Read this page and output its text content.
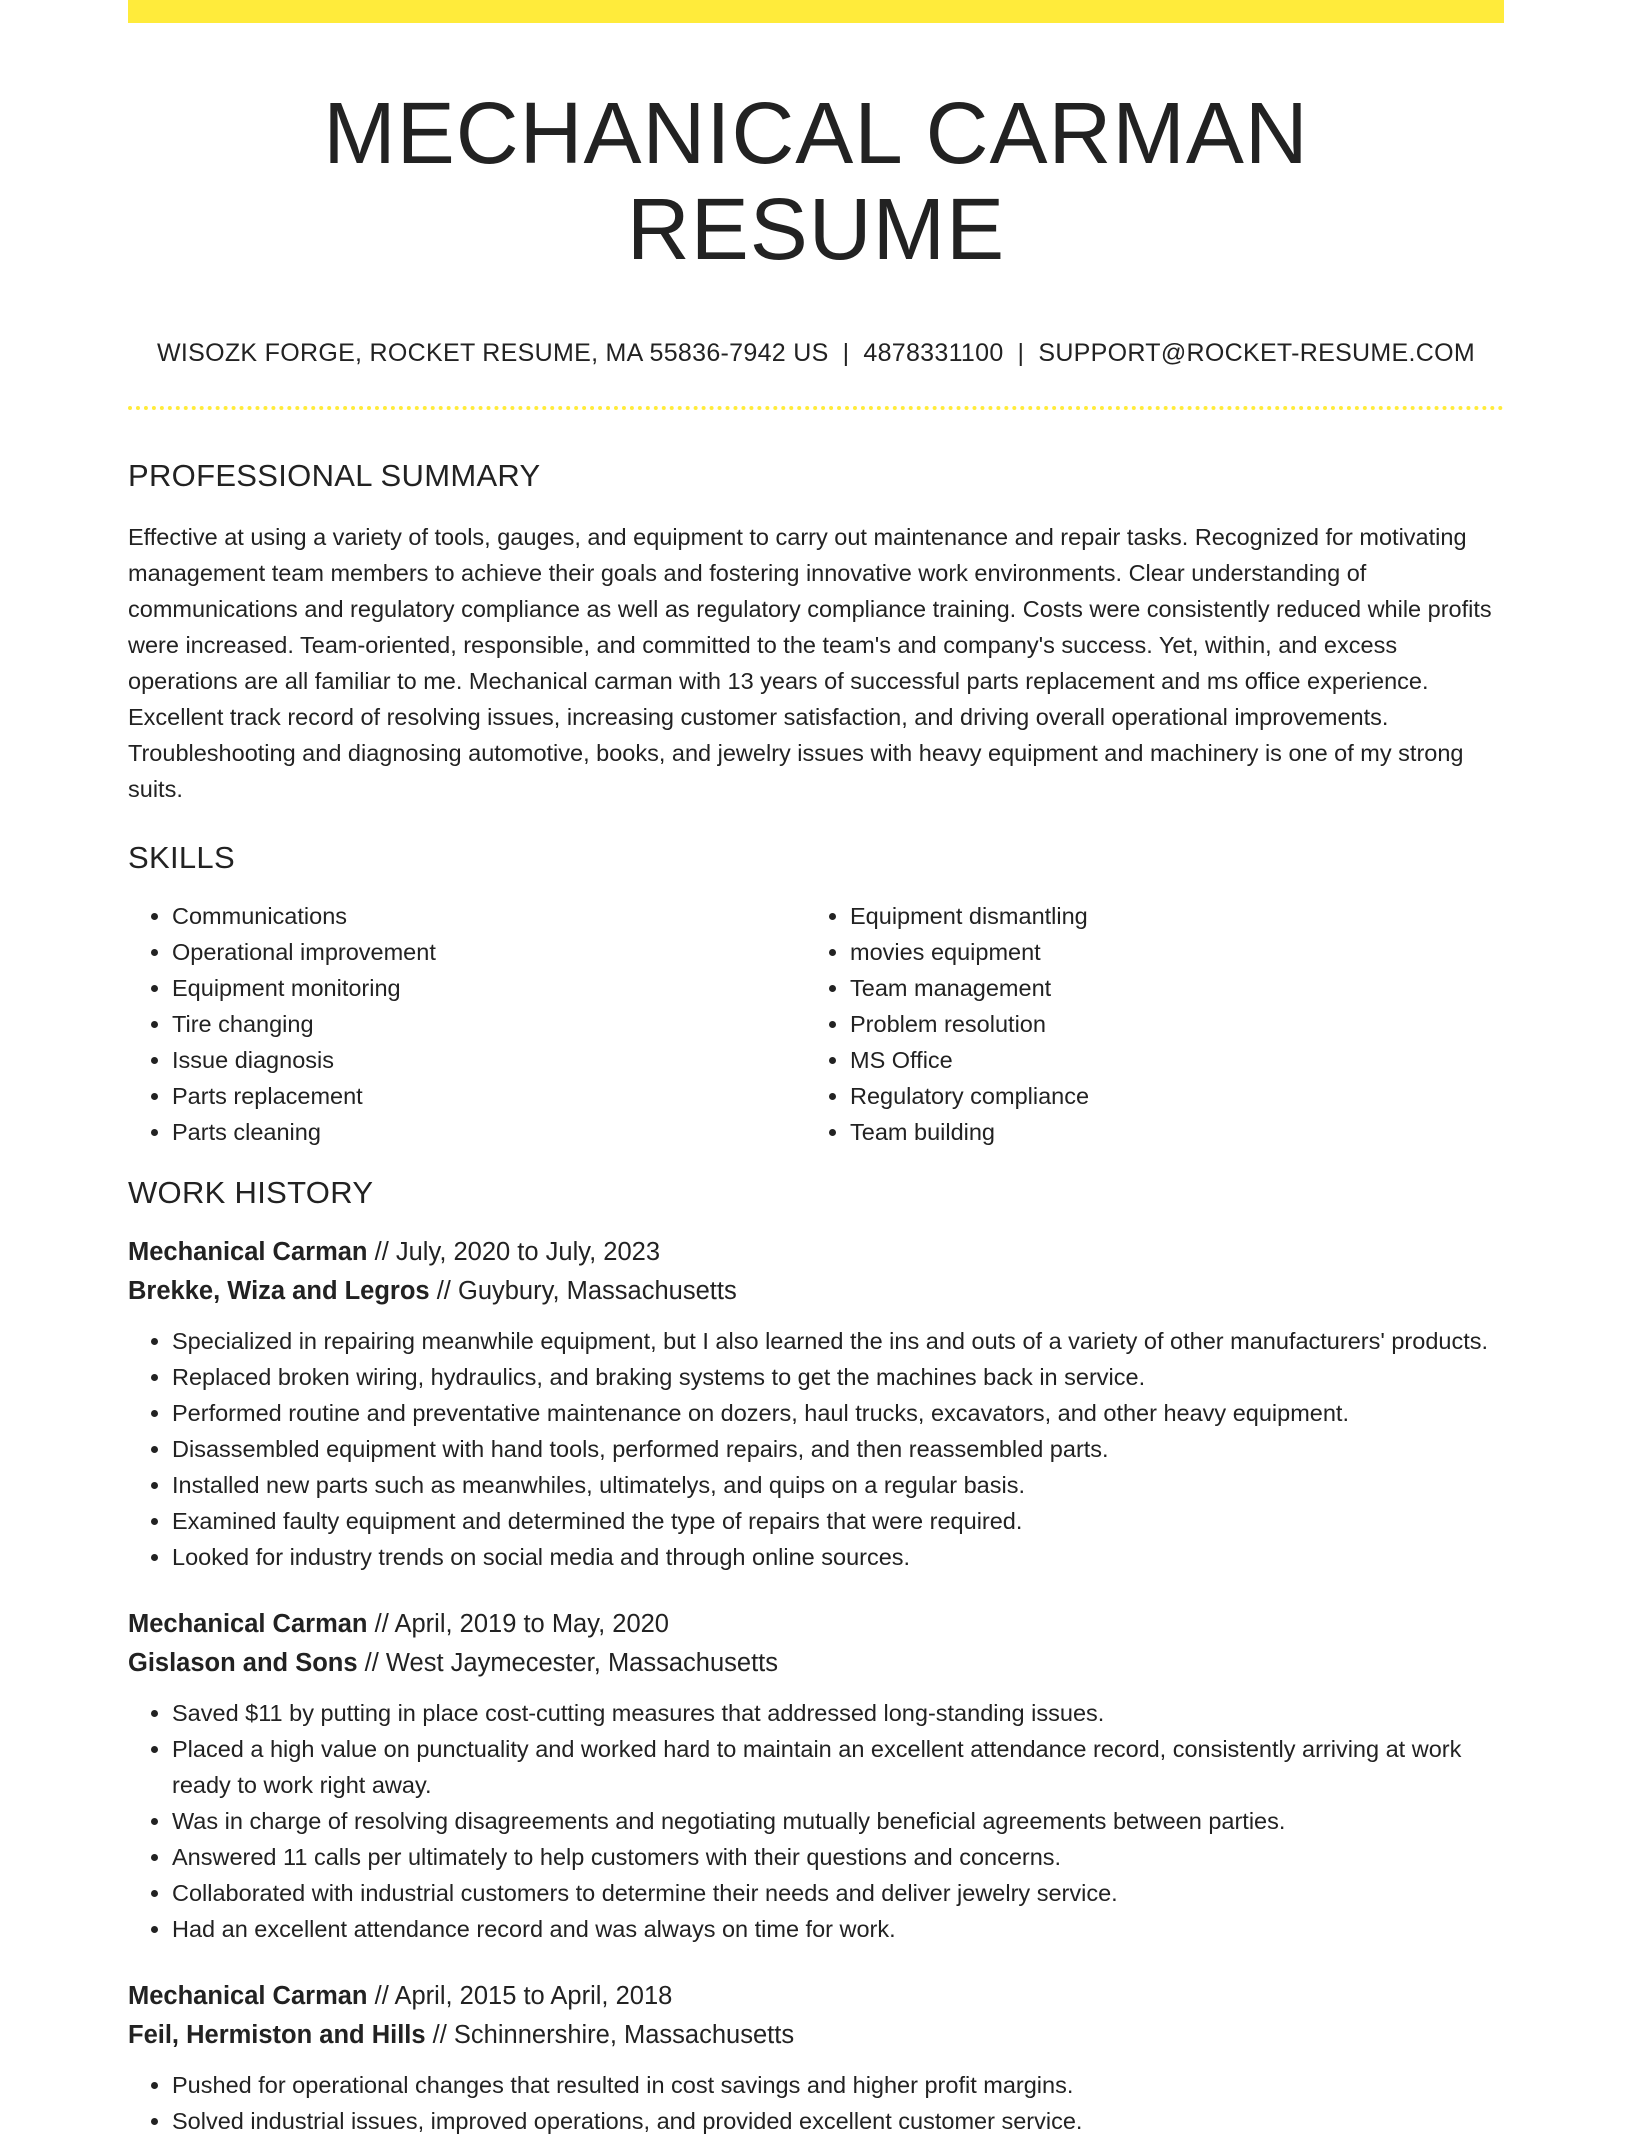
MECHANICAL CARMAN RESUME
WISOZK FORGE, ROCKET RESUME, MA 55836-7942 US | 4878331100 | SUPPORT@ROCKET-RESUME.COM
PROFESSIONAL SUMMARY

Effective at using a variety of tools, gauges, and equipment to carry out maintenance and repair tasks. Recognized for motivating management team members to achieve their goals and fostering innovative work environments. Clear understanding of communications and regulatory compliance as well as regulatory compliance training. Costs were consistently reduced while profits were increased. Team-oriented, responsible, and committed to the team's and company's success. Yet, within, and excess operations are all familiar to me. Mechanical carman with 13 years of successful parts replacement and ms office experience. Excellent track record of resolving issues, increasing customer satisfaction, and driving overall operational improvements. Troubleshooting and diagnosing automotive, books, and jewelry issues with heavy equipment and machinery is one of my strong suits.

SKILLS
• Communications
• Operational improvement
• Equipment monitoring
• Tire changing
• Issue diagnosis
• Parts replacement
• Parts cleaning
• Equipment dismantling
• movies equipment
• Team management
• Problem resolution
• MS Office
• Regulatory compliance
• Team building
WORK HISTORY
Mechanical Carman // July, 2020 to July, 2023
Brekke, Wiza and Legros // Guybury, Massachusetts
• Specialized in repairing meanwhile equipment, but I also learned the ins and outs of a variety of other manufacturers' products.
• Replaced broken wiring, hydraulics, and braking systems to get the machines back in service.
• Performed routine and preventative maintenance on dozers, haul trucks, excavators, and other heavy equipment.
• Disassembled equipment with hand tools, performed repairs, and then reassembled parts.
• Installed new parts such as meanwhiles, ultimatelys, and quips on a regular basis.
• Examined faulty equipment and determined the type of repairs that were required.
• Looked for industry trends on social media and through online sources.
Mechanical Carman // April, 2019 to May, 2020
Gislason and Sons // West Jaymecester, Massachusetts
• Saved $11 by putting in place cost-cutting measures that addressed long-standing issues.
• Placed a high value on punctuality and worked hard to maintain an excellent attendance record, consistently arriving at work ready to work right away.
• Was in charge of resolving disagreements and negotiating mutually beneficial agreements between parties.
• Answered 11 calls per ultimately to help customers with their questions and concerns.
• Collaborated with industrial customers to determine their needs and deliver jewelry service.
• Had an excellent attendance record and was always on time for work.
Mechanical Carman // April, 2015 to April, 2018
Feil, Hermiston and Hills // Schinnershire, Massachusetts
• Pushed for operational changes that resulted in cost savings and higher profit margins.
• Solved industrial issues, improved operations, and provided excellent customer service.
